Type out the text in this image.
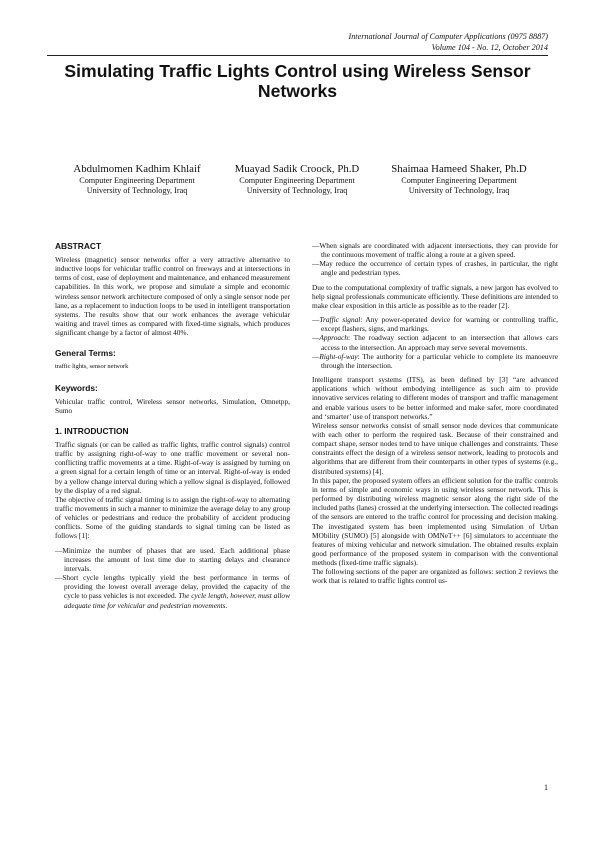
International Journal of Computer Applications (0975 8887)
Volume 104 - No. 12, October 2014
Simulating Traffic Lights Control using Wireless Sensor Networks
Abdulmomen Kadhim Khlaif
Computer Engineering Department
University of Technology, Iraq
Muayad Sadik Croock, Ph.D
Computer Engineering Department
University of Technology, Iraq
Shaimaa Hameed Shaker, Ph.D
Computer Engineering Department
University of Technology, Iraq
ABSTRACT

Wireless (magnetic) sensor networks offer a very attractive alternative to inductive loops for vehicular traffic control on freeways and at intersections in terms of cost, ease of deployment and maintenance, and enhanced measurement capabilities. In this work, we propose and simulate a simple and economic wireless sensor network architecture composed of only a single sensor node per lane, as a replacement to induction loops to be used in intelligent transportation systems. The results show that our work enhances the average vehicular waiting and travel times as compared with fixed-time signals, which produces significant change by a factor of almost 40%.

General Terms:

traffic lights, sensor network

Keywords:

Vehicular traffic control, Wireless sensor networks, Simulation, Omnetpp, Sumo

1. INTRODUCTION

Traffic signals (or can be called as traffic lights, traffic control signals) control traffic by assigning right-of-way to one traffic movement or several non-conflicting traffic movements at a time. Right-of-way is assigned by turning on a green signal for a certain length of time or an interval. Right-of-way is ended by a yellow change interval during which a yellow signal is displayed, followed by the display of a red signal.

The objective of traffic signal timing is to assign the right-of-way to alternating traffic movements in such a manner to minimize the average delay to any group of vehicles or pedestrians and reduce the probability of accident producing conflicts. Some of the guiding standards to signal timing can be listed as follows [1]:

—Minimize the number of phases that are used. Each additional phase increases the amount of lost time due to starting delays and clearance intervals.

—Short cycle lengths typically yield the best performance in terms of providing the lowest overall average delay, provided the capacity of the cycle to pass vehicles is not exceeded. The cycle length, however, must allow adequate time for vehicular and pedestrian movements.

—When signals are coordinated with adjacent intersections, they can provide for the continuous movement of traffic along a route at a given speed.

—May reduce the occurrence of certain types of crashes, in particular, the right angle and pedestrian types.

Due to the computational complexity of traffic signals, a new jargon has evolved to help signal professionals communicate efficiently. These definitions are intended to make clear exposition in this article as possible as to the reader [2].

—Traffic signal: Any power-operated device for warning or controlling traffic, except flashers, signs, and markings.

—Approach: The roadway section adjacent to an intersection that allows cars access to the intersection. An approach may serve several movements.

—Right-of-way: The authority for a particular vehicle to complete its manoeuvre through the intersection.

Intelligent transport systems (ITS), as been defined by [3] “are advanced applications which without embodying intelligence as such aim to provide innovative services relating to different modes of transport and traffic management and enable various users to be better informed and make safer, more coordinated and ‘smarter’ use of transport networks.”

Wireless sensor networks consist of small sensor node devices that communicate with each other to perform the required task. Because of their constrained and compact shape, sensor nodes tend to have unique challenges and constraints. These constraints effect the design of a wireless sensor network, leading to protocols and algorithms that are different from their counterparts in other types of systems (e.g., distributed systems) [4].

In this paper, the proposed system offers an efficient solution for the traffic controls in terms of simple and economic ways in using wireless sensor network. This is performed by distributing wireless magnetic sensor along the right side of the included paths (lanes) crossed at the underlying intersection. The collected readings of the sensors are entered to the traffic control for processing and decision making. The investigated system has been implemented using Simulation of Urban MObility (SUMO) [5] alongside with OMNeT++ [6] simulators to accentuate the features of mixing vehicular and network simulation. The obtained results explain good performance of the proposed system in comparison with the conventional methods (fixed-time traffic signals).

The following sections of the paper are organized as follows: section 2 reviews the work that is related to traffic lights control us-

1
